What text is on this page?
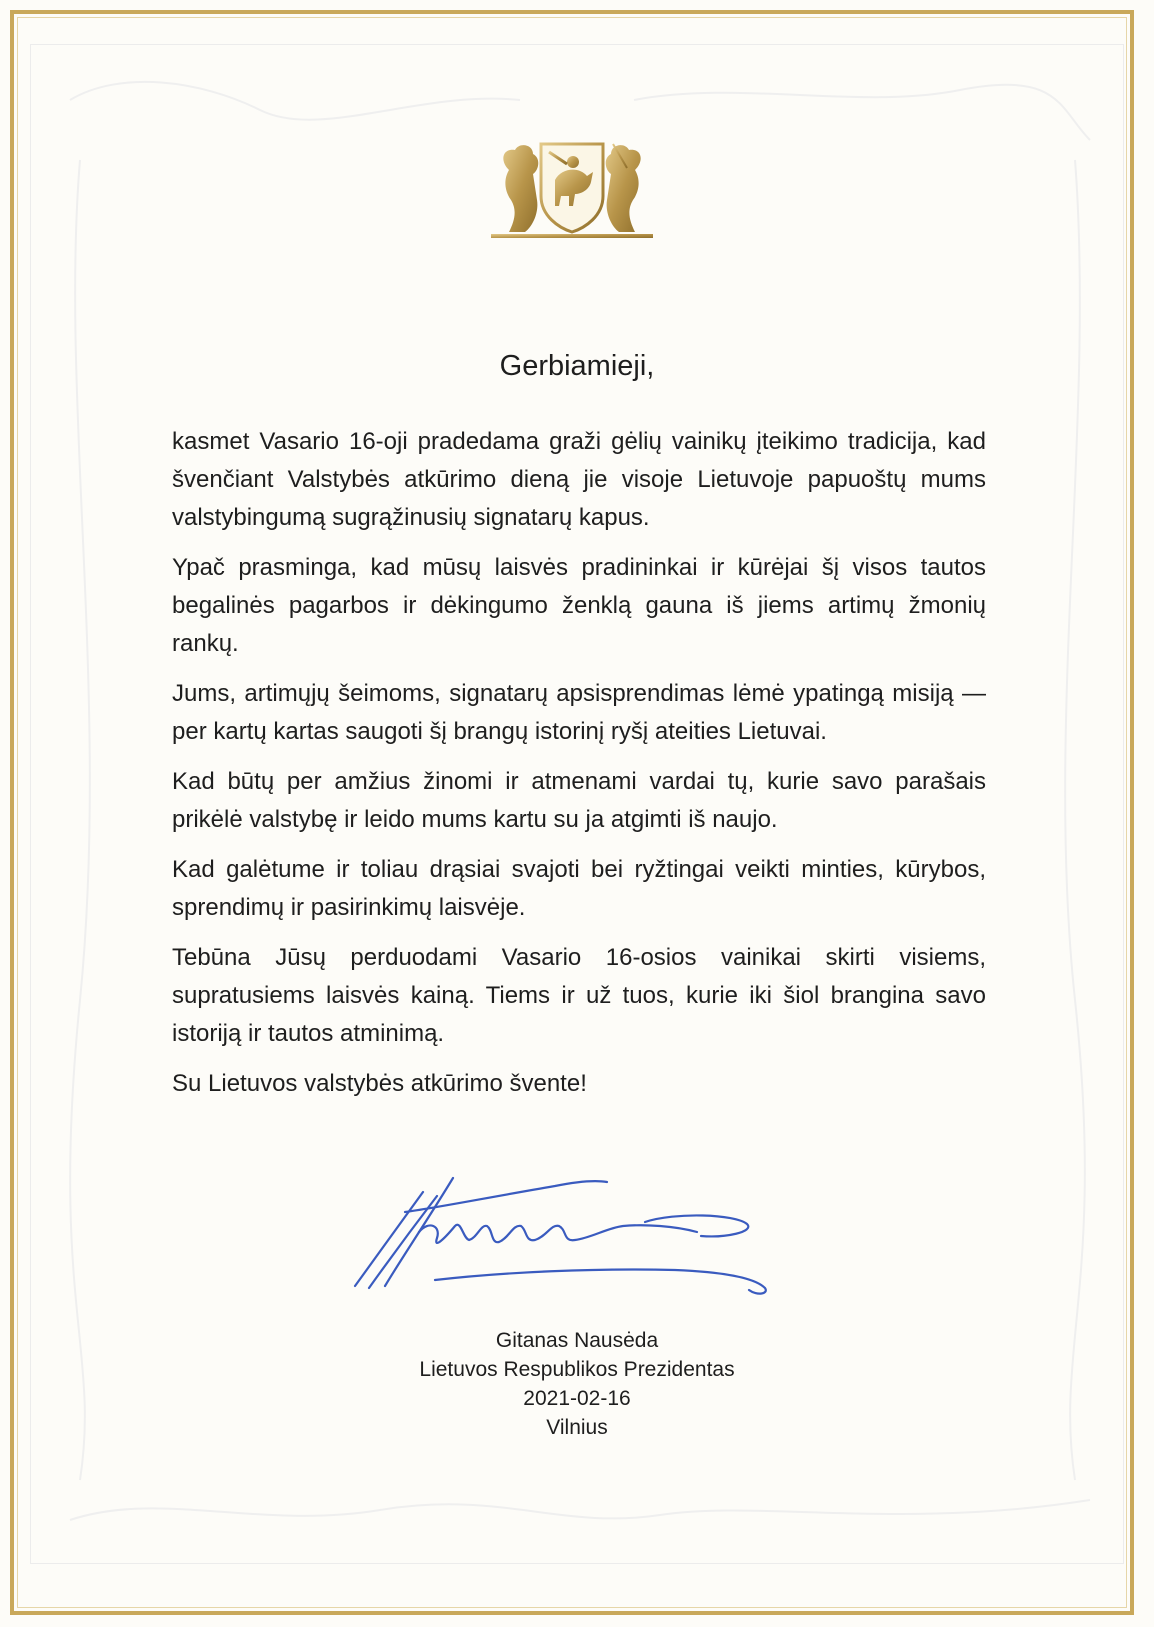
Gerbiamieji,

kasmet Vasario 16-oji pradedama graži gėlių vainikų įteikimo tradicija, kad švenčiant Valstybės atkūrimo dieną jie visoje Lietuvoje papuoštų mums valstybingumą sugrąžinusių signatarų kapus.

Ypač prasminga, kad mūsų laisvės pradininkai ir kūrėjai šį visos tautos begalinės pagarbos ir dėkingumo ženklą gauna iš jiems artimų žmonių rankų.

Jums, artimųjų šeimoms, signatarų apsisprendimas lėmė ypatingą misiją — per kartų kartas saugoti šį brangų istorinį ryšį ateities Lietuvai.

Kad būtų per amžius žinomi ir atmenami vardai tų, kurie savo parašais prikėlė valstybę ir leido mums kartu su ja atgimti iš naujo.

Kad galėtume ir toliau drąsiai svajoti bei ryžtingai veikti minties, kūrybos, sprendimų ir pasirinkimų laisvėje.

Tebūna Jūsų perduodami Vasario 16-osios vainikai skirti visiems, supratusiems laisvės kainą. Tiems ir už tuos, kurie iki šiol brangina savo istoriją ir tautos atminimą.

Su Lietuvos valstybės atkūrimo švente!

Gitanas Nausėda
Lietuvos Respublikos Prezidentas
2021-02-16
Vilnius
